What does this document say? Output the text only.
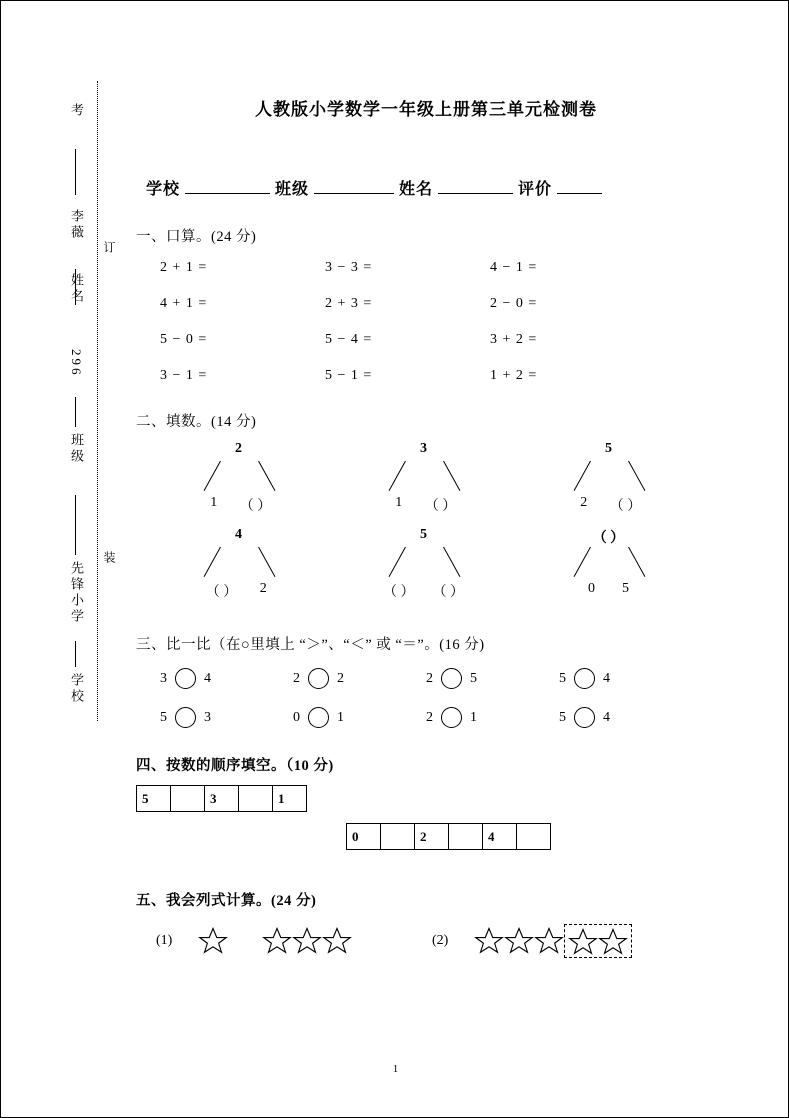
考
李薇
姓名
296
班级
先锋小学
学校
订
装
人教版小学数学一年级上册第三单元检测卷
学校	班级	姓名	评价
一、口算。(24 分)
2 + 1 =	3 − 3 =	4 − 1 =
4 + 1 =	2 + 3 =	2 − 0 =
5 − 0 =	5 − 4 =	3 + 2 =
3 − 1 =	5 − 1 =	1 + 2 =
二、填数。(14 分)
2
1	（ ）
3
1	（ ）
5
2	（ ）
4
（ ）	2
5
（ ） （ ）
（ ）
0	5
三、比一比（在○里填上 “＞”、“＜” 或 “＝”。(16 分)
3	4	2	2	2	5	5	4
5	3	0	1	2	1	5	4
四、按数的顺序填空。（10 分)
5	3	1
0	2	4
五、我会列式计算。(24 分)
(1)	(2)
1
